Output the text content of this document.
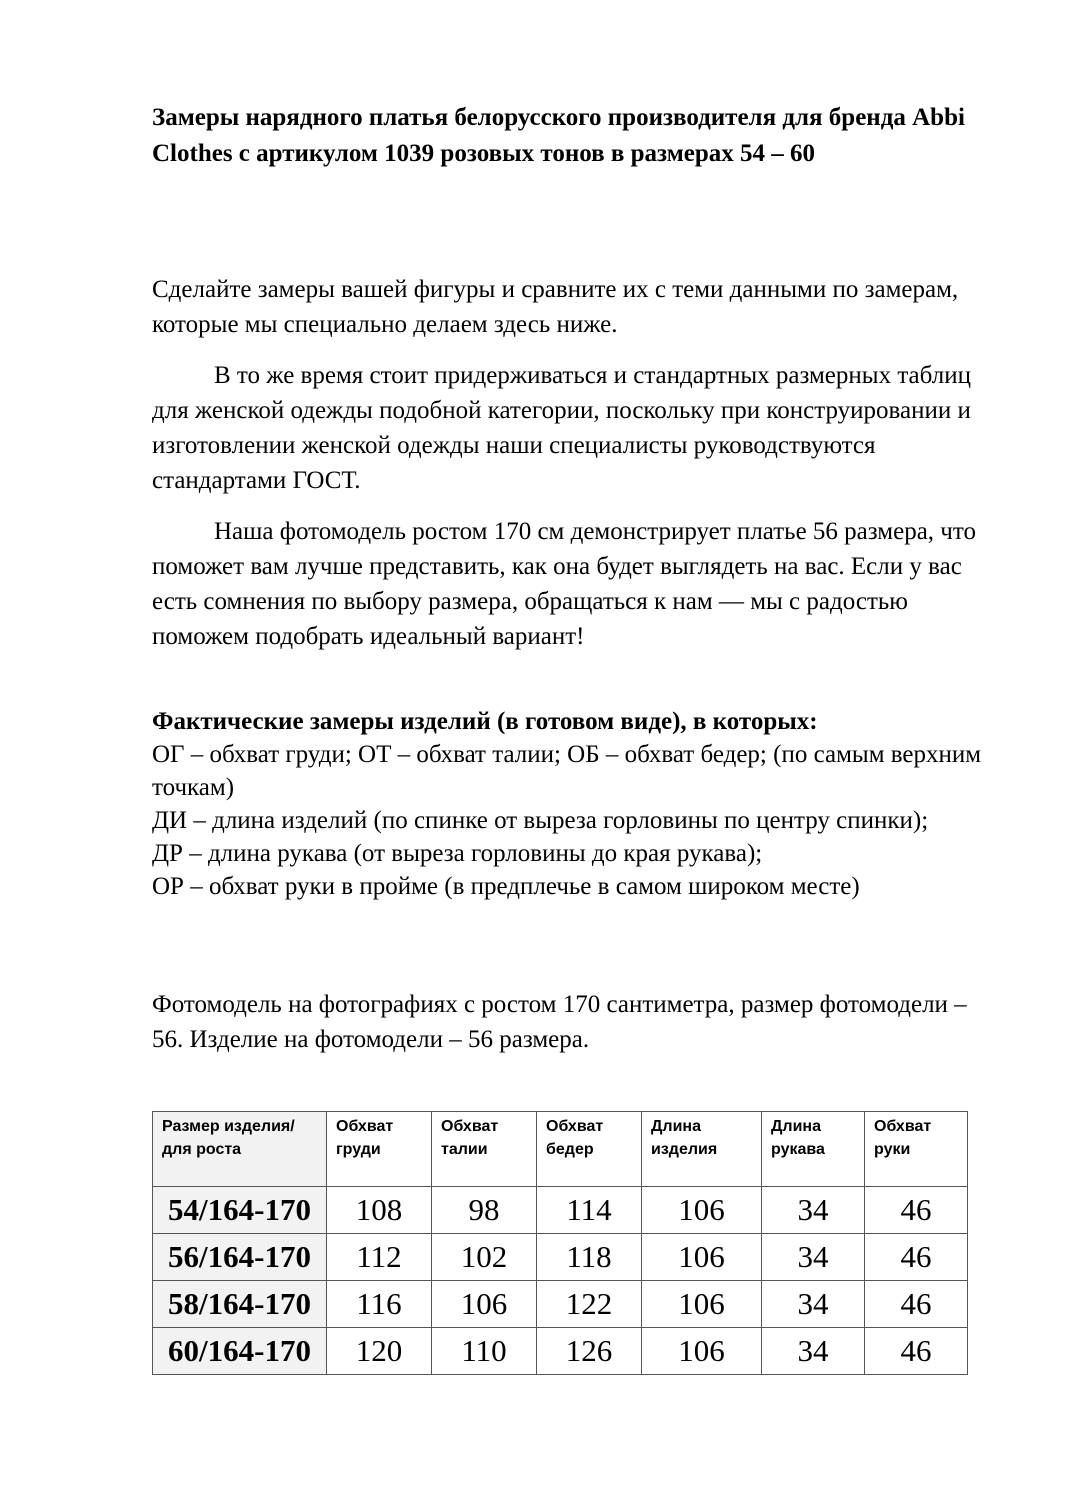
Замеры нарядного платья белорусского производителя для бренда Abbi Clothes с артикулом 1039 розовых тонов в размерах 54 – 60

Сделайте замеры вашей фигуры и сравните их с теми данными по замерам, которые мы специально делаем здесь ниже.

В то же время стоит придерживаться и стандартных размерных таблиц для женской одежды подобной категории, поскольку при конструировании и изготовлении женской одежды наши специалисты руководствуются стандартами ГОСТ.

Наша фотомодель ростом 170 см демонстрирует платье 56 размера, что поможет вам лучше представить, как она будет выглядеть на вас. Если у вас есть сомнения по выбору размера, обращаться к нам — мы с радостью поможем подобрать идеальный вариант!

Фактические замеры изделий (в готовом виде), в которых:
ОГ – обхват груди; ОТ – обхват талии; ОБ – обхват бедер; (по самым верхним точкам)
ДИ – длина изделий (по спинке от выреза горловины по центру спинки);
ДР – длина рукава (от выреза горловины до края рукава);
ОР – обхват руки в пройме (в предплечье в самом широком месте)

Фотомодель на фотографиях с ростом 170 сантиметра, размер фотомодели – 56. Изделие на фотомодели – 56 размера.

Размер изделия/для роста	Обхват груди	Обхват талии	Обхват бедер	Длина изделия	Длина рукава	Обхват руки
54/164-170	108	98	114	106	34	46
56/164-170	112	102	118	106	34	46
58/164-170	116	106	122	106	34	46
60/164-170	120	110	126	106	34	46
